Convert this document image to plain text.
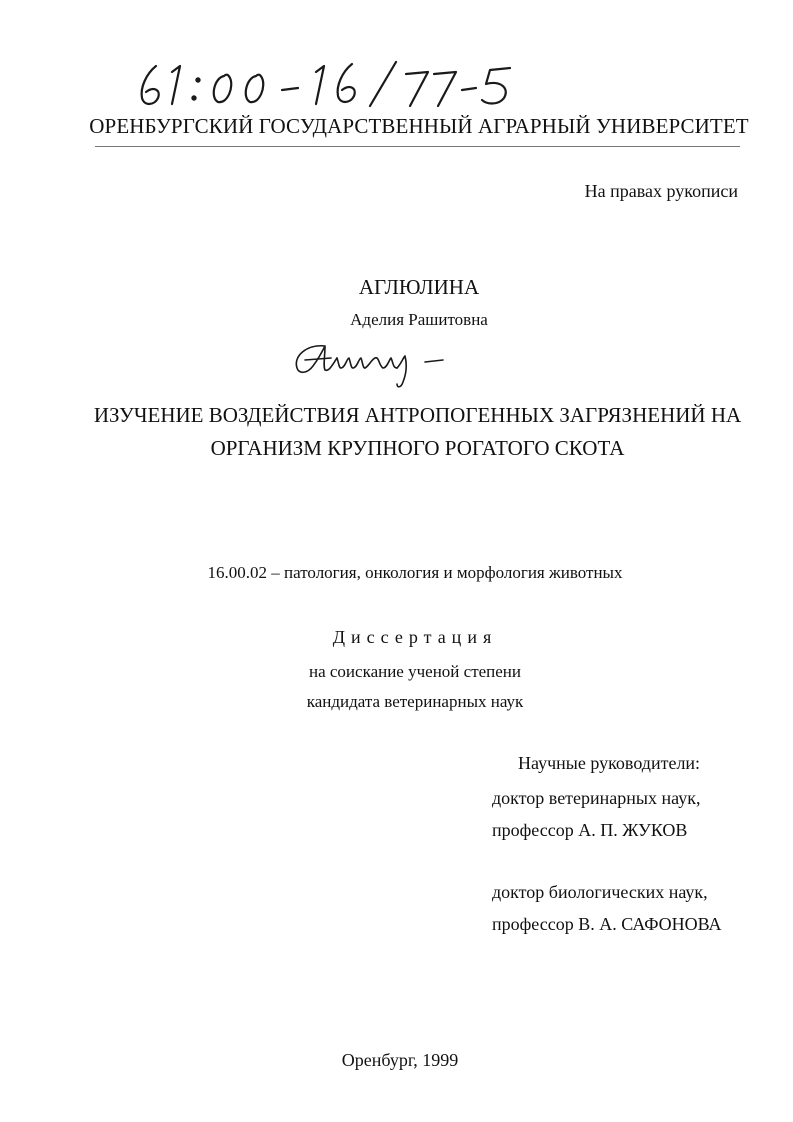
ОРЕНБУРГСКИЙ ГОСУДАРСТВЕННЫЙ АГРАРНЫЙ УНИВЕРСИТЕТ
На правах рукописи
АГЛЮЛИНА
Аделия Рашитовна
ИЗУЧЕНИЕ ВОЗДЕЙСТВИЯ АНТРОПОГЕННЫХ ЗАГРЯЗНЕНИЙ НА
ОРГАНИЗМ КРУПНОГО РОГАТОГО СКОТА
16.00.02 – патология, онкология и морфология животных
Диссертация
на соискание ученой степени
кандидата ветеринарных наук
Научные руководители:
доктор ветеринарных наук,
профессор А. П. ЖУКОВ
доктор биологических наук,
профессор В. А. САФОНОВА
Оренбург, 1999
